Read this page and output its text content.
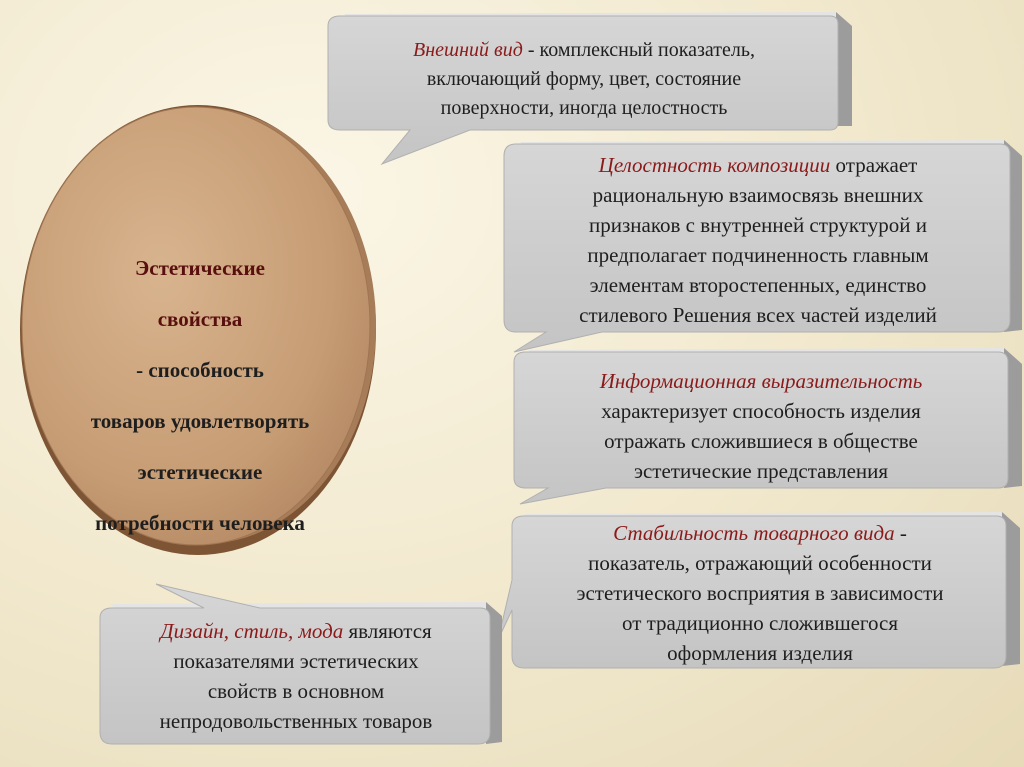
Эстетические

свойства

- способность

товаров удовлетворять

эстетические

потребности человека

Внешний вид - комплексный показатель,

включающий форму, цвет, состояние

поверхности, иногда целостность

Целостность композиции отражает

рациональную взаимосвязь внешних

признаков с внутренней структурой и

предполагает подчиненность главным

элементам второстепенных, единство

стилевого Решения всех частей изделий

Информационная выразительность

характеризует способность изделия

отражать сложившиеся в обществе

эстетические представления

Стабильность товарного вида -

показатель, отражающий особенности

эстетического восприятия в зависимости

от традиционно сложившегося

оформления изделия

Дизайн, стиль, мода являются

показателями эстетических

свойств в основном

непродовольственных товаров
